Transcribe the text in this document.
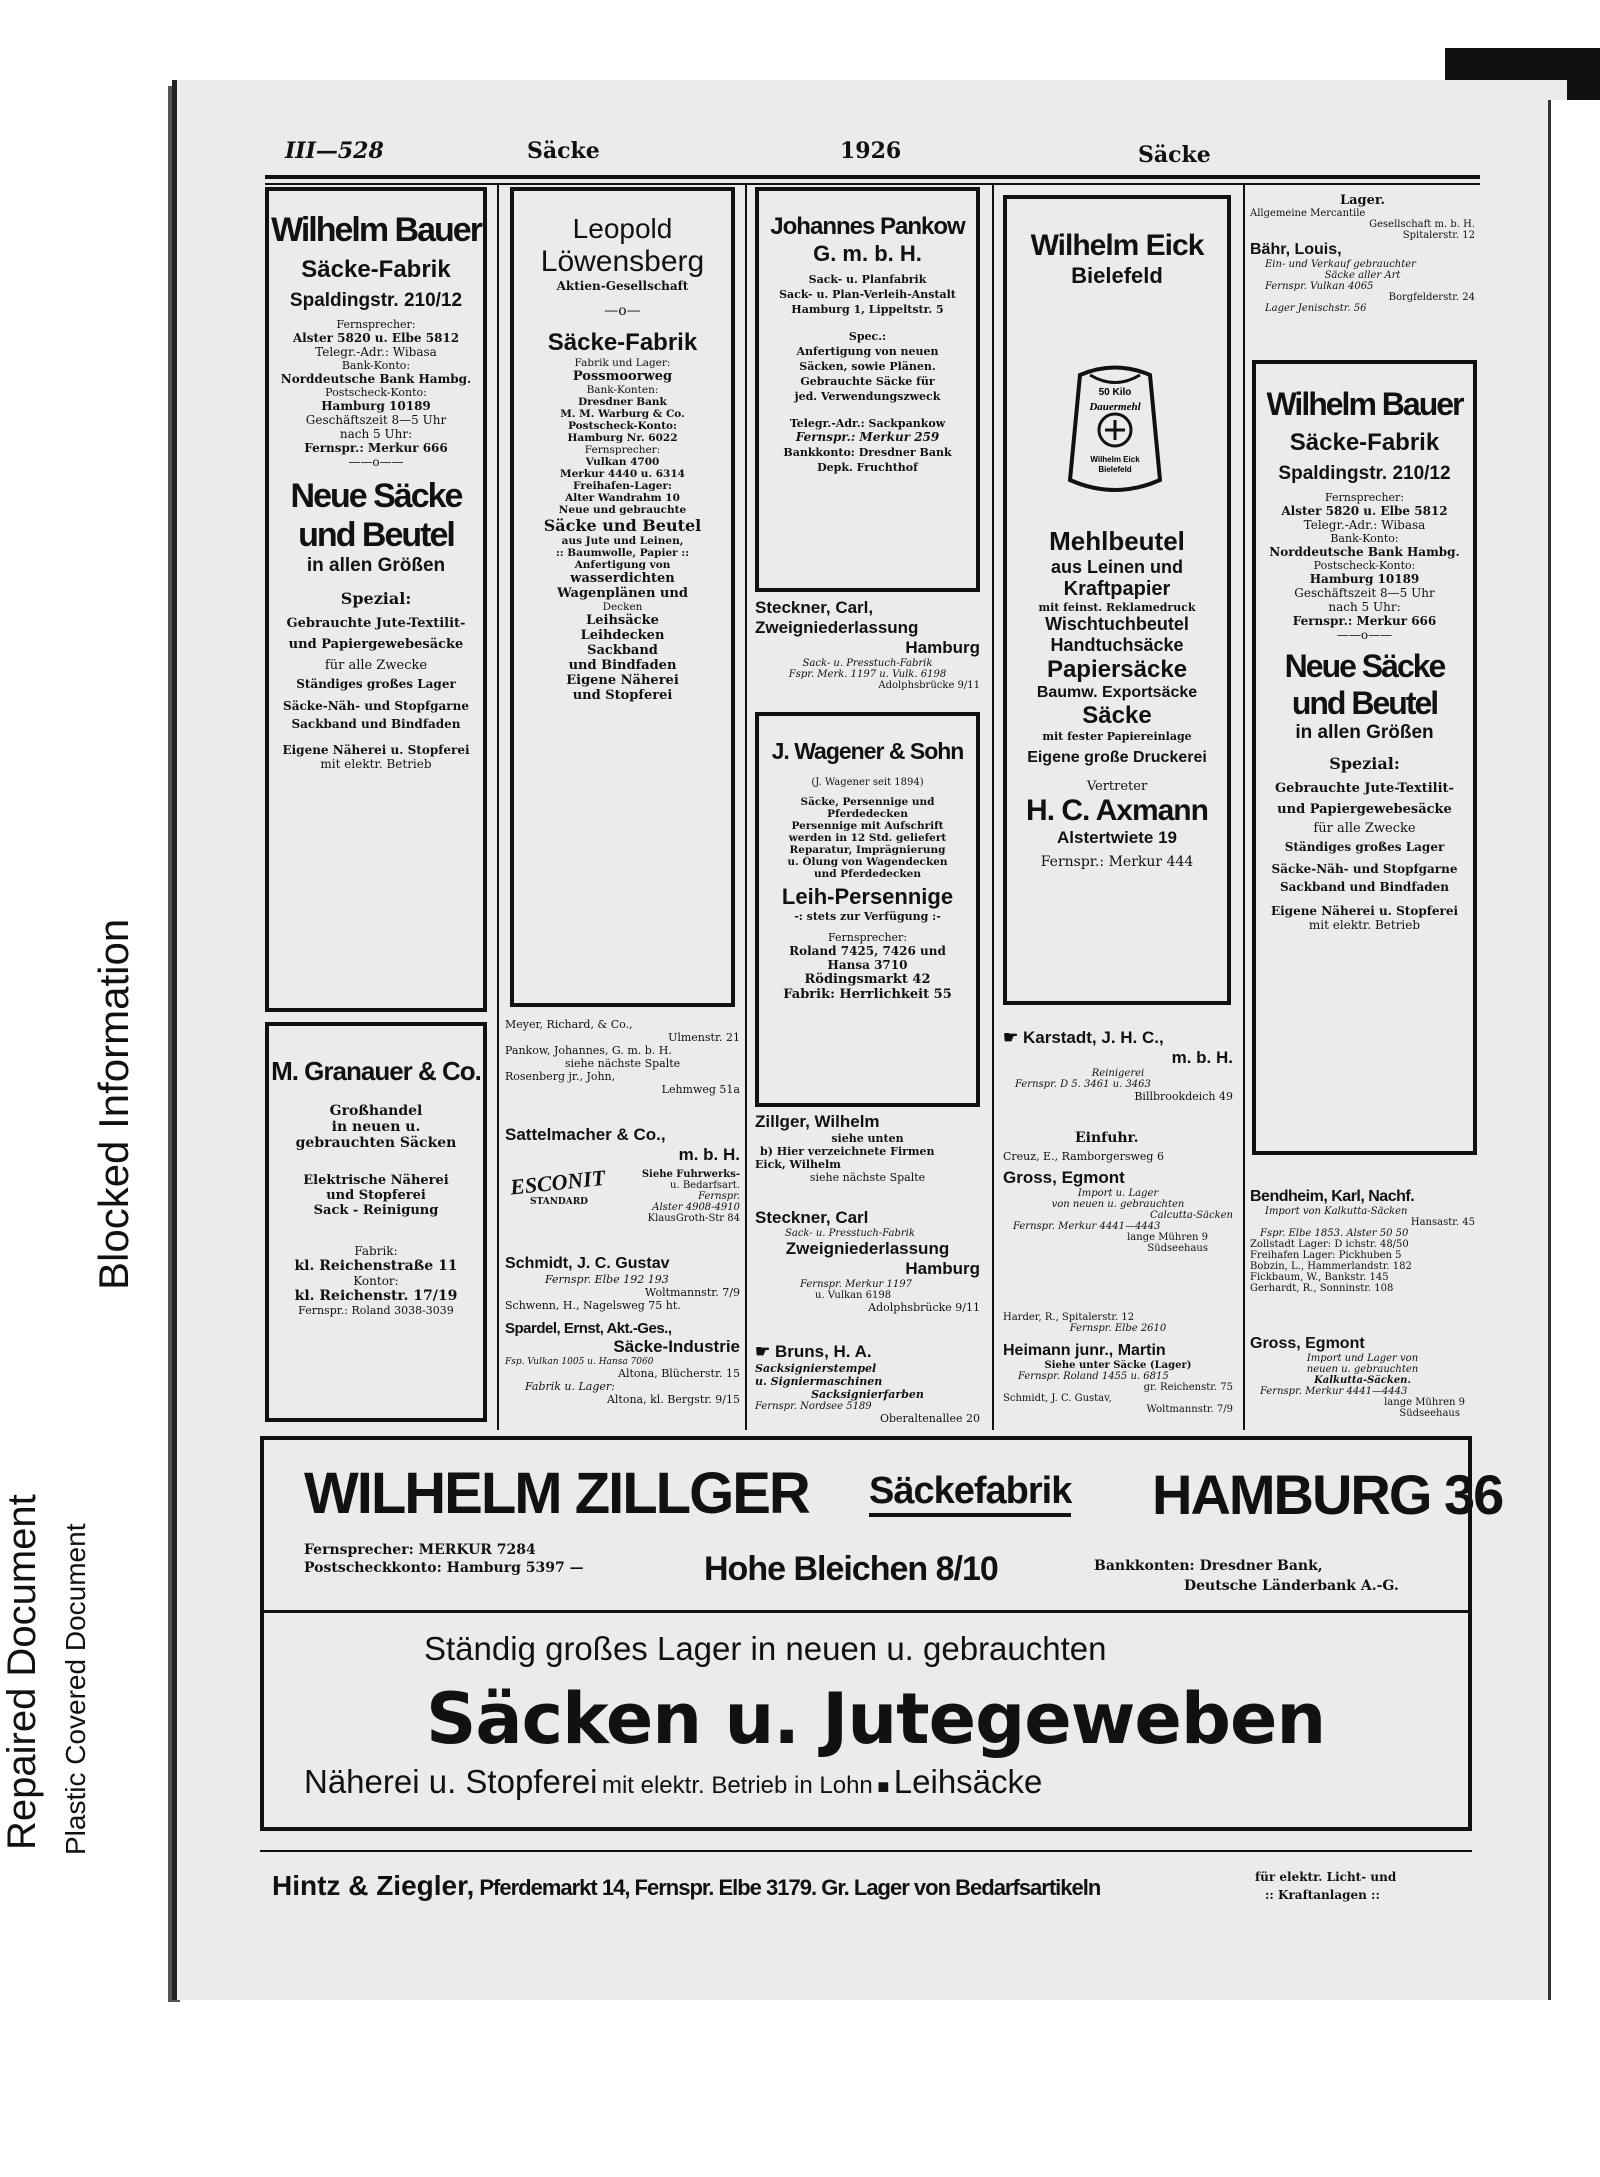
Repaired Document Plastic Covered Document
Blocked Information
III—528	Säcke	1926	Säcke
Wilhelm Bauer
Säcke-Fabrik
Spaldingstr. 210/12
Fernsprecher:
Alster 5820 u. Elbe 5812
Telegr.-Adr.: Wibasa
Bank-Konto:
Norddeutsche Bank Hambg.
Postscheck-Konto:
Hamburg 10189
Geschäftszeit 8—5 Uhr
nach 5 Uhr:
Fernspr.: Merkur 666
——o——
Neue Säcke
und Beutel
in allen Größen
Spezial:
Gebrauchte Jute-Textilit-
und Papiergewebesäcke
für alle Zwecke
Ständiges großes Lager
Säcke-Näh- und Stopfgarne
Sackband und Bindfaden
Eigene Näherei u. Stopferei
mit elektr. Betrieb
M. Granauer & Co.
Großhandel
in neuen u.
gebrauchten Säcken
Elektrische Näherei
und Stopferei
Sack - Reinigung
Fabrik:
kl. Reichenstraße 11
Kontor:
kl. Reichenstr. 17/19
Fernspr.: Roland 3038-3039
Leopold
Löwensberg
Aktien-Gesellschaft
—o—
Säcke-Fabrik
Fabrik und Lager:
Possmoorweg
Bank-Konten:
Dresdner Bank
M. M. Warburg & Co.
Postscheck-Konto:
Hamburg Nr. 6022
Fernsprecher:
Vulkan 4700
Merkur 4440 u. 6314
Freihafen-Lager:
Alter Wandrahm 10
Neue und gebrauchte
Säcke und Beutel
aus Jute und Leinen,
:: Baumwolle, Papier ::
Anfertigung von
wasserdichten
Wagenplänen und
Decken
Leihsäcke
Leihdecken
Sackband
und Bindfaden
Eigene Näherei
und Stopferei
Meyer, Richard, & Co.,
Ulmenstr. 21
Pankow, Johannes, G. m. b. H.
siehe nächste Spalte
Rosenberg jr., John,
Lehmweg 51a
Sattelmacher & Co.,
m. b. H.
ESCONIT
STANDARD
Siehe Fuhrwerks-
u. Bedarfsart.
Fernspr.
Alster 4908-4910
KlausGroth-Str 84
Schmidt, J. C. Gustav
Fernspr. Elbe 192 193
Woltmannstr. 7/9
Schwenn, H., Nagelsweg 75 ht.
Spardel, Ernst, Akt.-Ges.,
Säcke-Industrie
Fsp. Vulkan 1005 u. Hansa 7060
Altona, Blücherstr. 15
Fabrik u. Lager:
Altona, kl. Bergstr. 9/15
Johannes Pankow
G. m. b. H.
Sack- u. Planfabrik
Sack- u. Plan-Verleih-Anstalt
Hamburg 1, Lippeltstr. 5
Spec.:
Anfertigung von neuen
Säcken, sowie Plänen.
Gebrauchte Säcke für
jed. Verwendungszweck
Telegr.-Adr.: Sackpankow
Fernspr.: Merkur 259
Bankkonto: Dresdner Bank
Depk. Fruchthof
Steckner, Carl,
Zweigniederlassung
Hamburg
Sack- u. Presstuch-Fabrik
Fspr. Merk. 1197 u. Vulk. 6198
Adolphsbrücke 9/11
J. Wagener & Sohn
(J. Wagener seit 1894)
Säcke, Persennige und
Pferdedecken
Persennige mit Aufschrift
werden in 12 Std. geliefert
Reparatur, Imprägnierung
u. Ölung von Wagendecken
und Pferdedecken
Leih-Persennige
-: stets zur Verfügung :-
Fernsprecher:
Roland 7425, 7426 und
Hansa 3710
Rödingsmarkt 42
Fabrik: Herrlichkeit 55
Zillger, Wilhelm
siehe unten
b) Hier verzeichnete Firmen
Eick, Wilhelm
siehe nächste Spalte
Steckner, Carl
Sack- u. Presstuch-Fabrik
Zweigniederlassung
Hamburg
Fernspr. Merkur 1197
u. Vulkan 6198
Adolphsbrücke 9/11
☛ Bruns, H. A.
Sacksignierstempel
u. Signiermaschinen
Sacksignierfarben
Fernspr. Nordsee 5189
Oberaltenallee 20
Wilhelm Eick
Bielefeld
50 Kilo
Dauermehl
Wilhelm Eick
Bielefeld
Mehlbeutel
aus Leinen und
Kraftpapier
mit feinst. Reklamedruck
Wischtuchbeutel
Handtuchsäcke
Papiersäcke
Baumw. Exportsäcke
Säcke
mit fester Papiereinlage
Eigene große Druckerei
Vertreter
H. C. Axmann
Alstertwiete 19
Fernspr.: Merkur 444
☛ Karstadt, J. H. C.,
m. b. H.
Reinigerei
Fernspr. D 5. 3461 u. 3463
Billbrookdeich 49
Einfuhr.
Creuz, E., Ramborgersweg 6
Gross, Egmont
Import u. Lager
von neuen u. gebrauchten
Calcutta-Säcken
Fernspr. Merkur 4441—4443
lange Mühren 9
Südseehaus
Harder, R., Spitalerstr. 12
Fernspr. Elbe 2610
Heimann junr., Martin
Siehe unter Säcke (Lager)
Fernspr. Roland 1455 u. 6815
gr. Reichenstr. 75
Schmidt, J. C. Gustav,
Woltmannstr. 7/9
Lager.
Allgemeine Mercantile
Gesellschaft m. b. H.
Spitalerstr. 12
Bähr, Louis,
Ein- und Verkauf gebrauchter
Säcke aller Art
Fernspr. Vulkan 4065
Borgfelderstr. 24
Lager Jenischstr. 56
Wilhelm Bauer
Säcke-Fabrik
Spaldingstr. 210/12
Fernsprecher:
Alster 5820 u. Elbe 5812
Telegr.-Adr.: Wibasa
Bank-Konto:
Norddeutsche Bank Hambg.
Postscheck-Konto:
Hamburg 10189
Geschäftszeit 8—5 Uhr
nach 5 Uhr:
Fernspr.: Merkur 666
——o——
Neue Säcke
und Beutel
in allen Größen
Spezial:
Gebrauchte Jute-Textilit-
und Papiergewebesäcke
für alle Zwecke
Ständiges großes Lager
Säcke-Näh- und Stopfgarne
Sackband und Bindfaden
Eigene Näherei u. Stopferei
mit elektr. Betrieb
Bendheim, Karl, Nachf.
Import von Kalkutta-Säcken
Hansastr. 45
Fspr. Elbe 1853. Alster 50 50
Zollstadt Lager: D ichstr. 48/50
Freihafen Lager: Pickhuben 5
Bobzin, L., Hammerlandstr. 182
Fickbaum, W., Bankstr. 145
Gerhardt, R., Sonninstr. 108
Gross, Egmont
Import und Lager von
neuen u. gebrauchten
Kalkutta-Säcken.
Fernspr. Merkur 4441—4443
lange Mühren 9
Südseehaus
WILHELM ZILLGER Säckefabrik HAMBURG 36
Fernsprecher: MERKUR 7284
Postscheckkonto: Hamburg 5397 —	Hohe Bleichen 8/10	Bankkonten: Dresdner Bank,
Deutsche Länderbank A.-G.
Ständig großes Lager in neuen u. gebrauchten
Säcken u. Jutegeweben
Näherei u. Stopferei mit elektr. Betrieb in Lohn ■ Leihsäcke
Hintz & Ziegler, Pferdemarkt 14, Fernspr. Elbe 3179. Gr. Lager von Bedarfsartikeln	für elektr. Licht- und
:: Kraftanlagen ::
